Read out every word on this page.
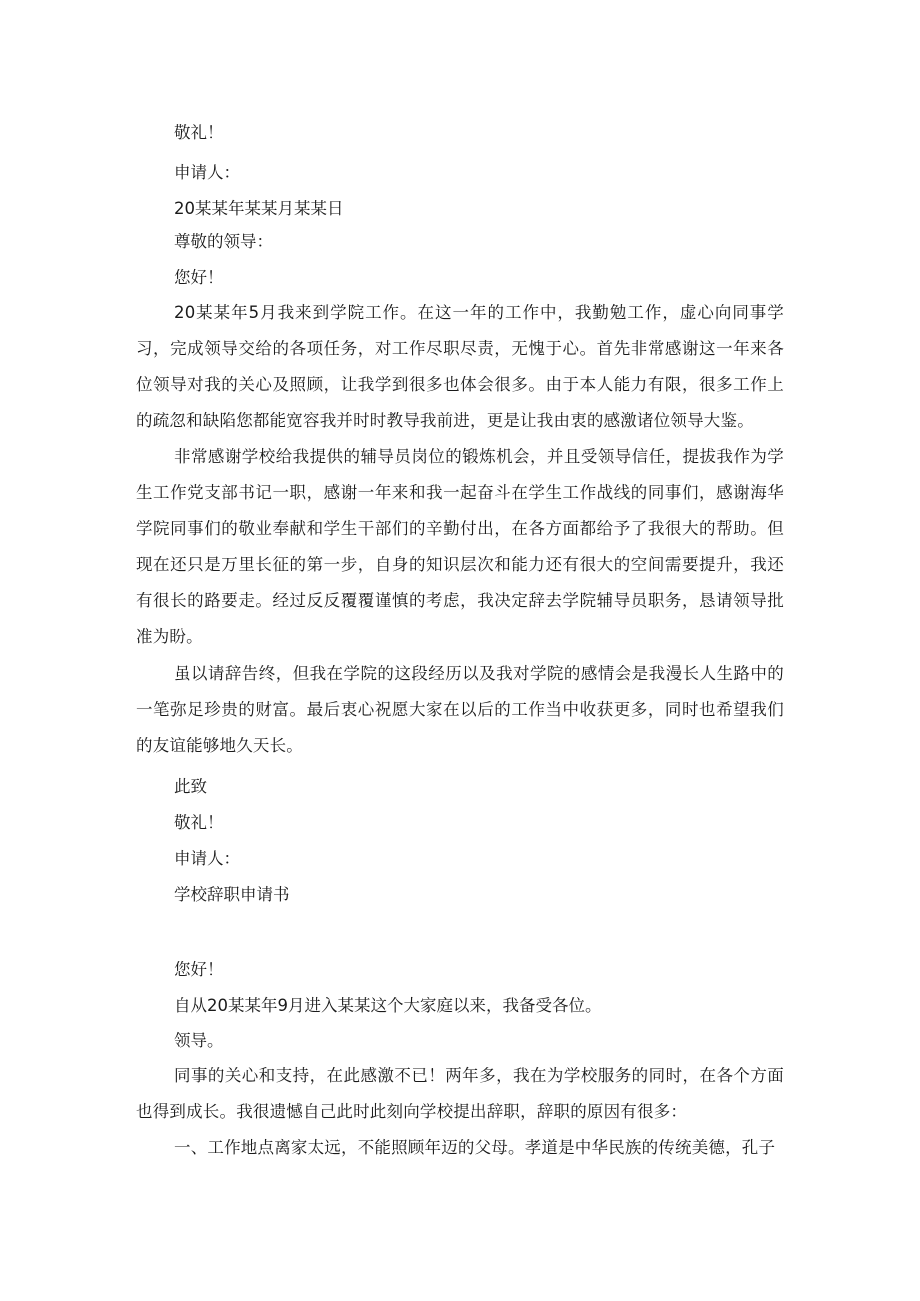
敬礼！
申请人：
20某某年某某月某某日
尊敬的领导：
您好！
20某某年5月我来到学院工作。在这一年的工作中，我勤勉工作，虚心向同事学习，完成领导交给的各项任务，对工作尽职尽责，无愧于心。首先非常感谢这一年来各位领导对我的关心及照顾，让我学到很多也体会很多。由于本人能力有限，很多工作上的疏忽和缺陷您都能宽容我并时时教导我前进，更是让我由衷的感激诸位领导大鉴。
非常感谢学校给我提供的辅导员岗位的锻炼机会，并且受领导信任，提拔我作为学生工作党支部书记一职，感谢一年来和我一起奋斗在学生工作战线的同事们，感谢海华学院同事们的敬业奉献和学生干部们的辛勤付出，在各方面都给予了我很大的帮助。但现在还只是万里长征的第一步，自身的知识层次和能力还有很大的空间需要提升，我还有很长的路要走。经过反反覆覆谨慎的考虑，我决定辞去学院辅导员职务，恳请领导批准为盼。
虽以请辞告终，但我在学院的这段经历以及我对学院的感情会是我漫长人生路中的一笔弥足珍贵的财富。最后衷心祝愿大家在以后的工作当中收获更多，同时也希望我们的友谊能够地久天长。
此致
敬礼！
申请人：
学校辞职申请书
您好！
自从20某某年9月进入某某这个大家庭以来，我备受各位。
领导。
同事的关心和支持，在此感激不已！两年多，我在为学校服务的同时，在各个方面也得到成长。我很遗憾自己此时此刻向学校提出辞职，辞职的原因有很多：
一、工作地点离家太远，不能照顾年迈的父母。孝道是中华民族的传统美德，孔子
